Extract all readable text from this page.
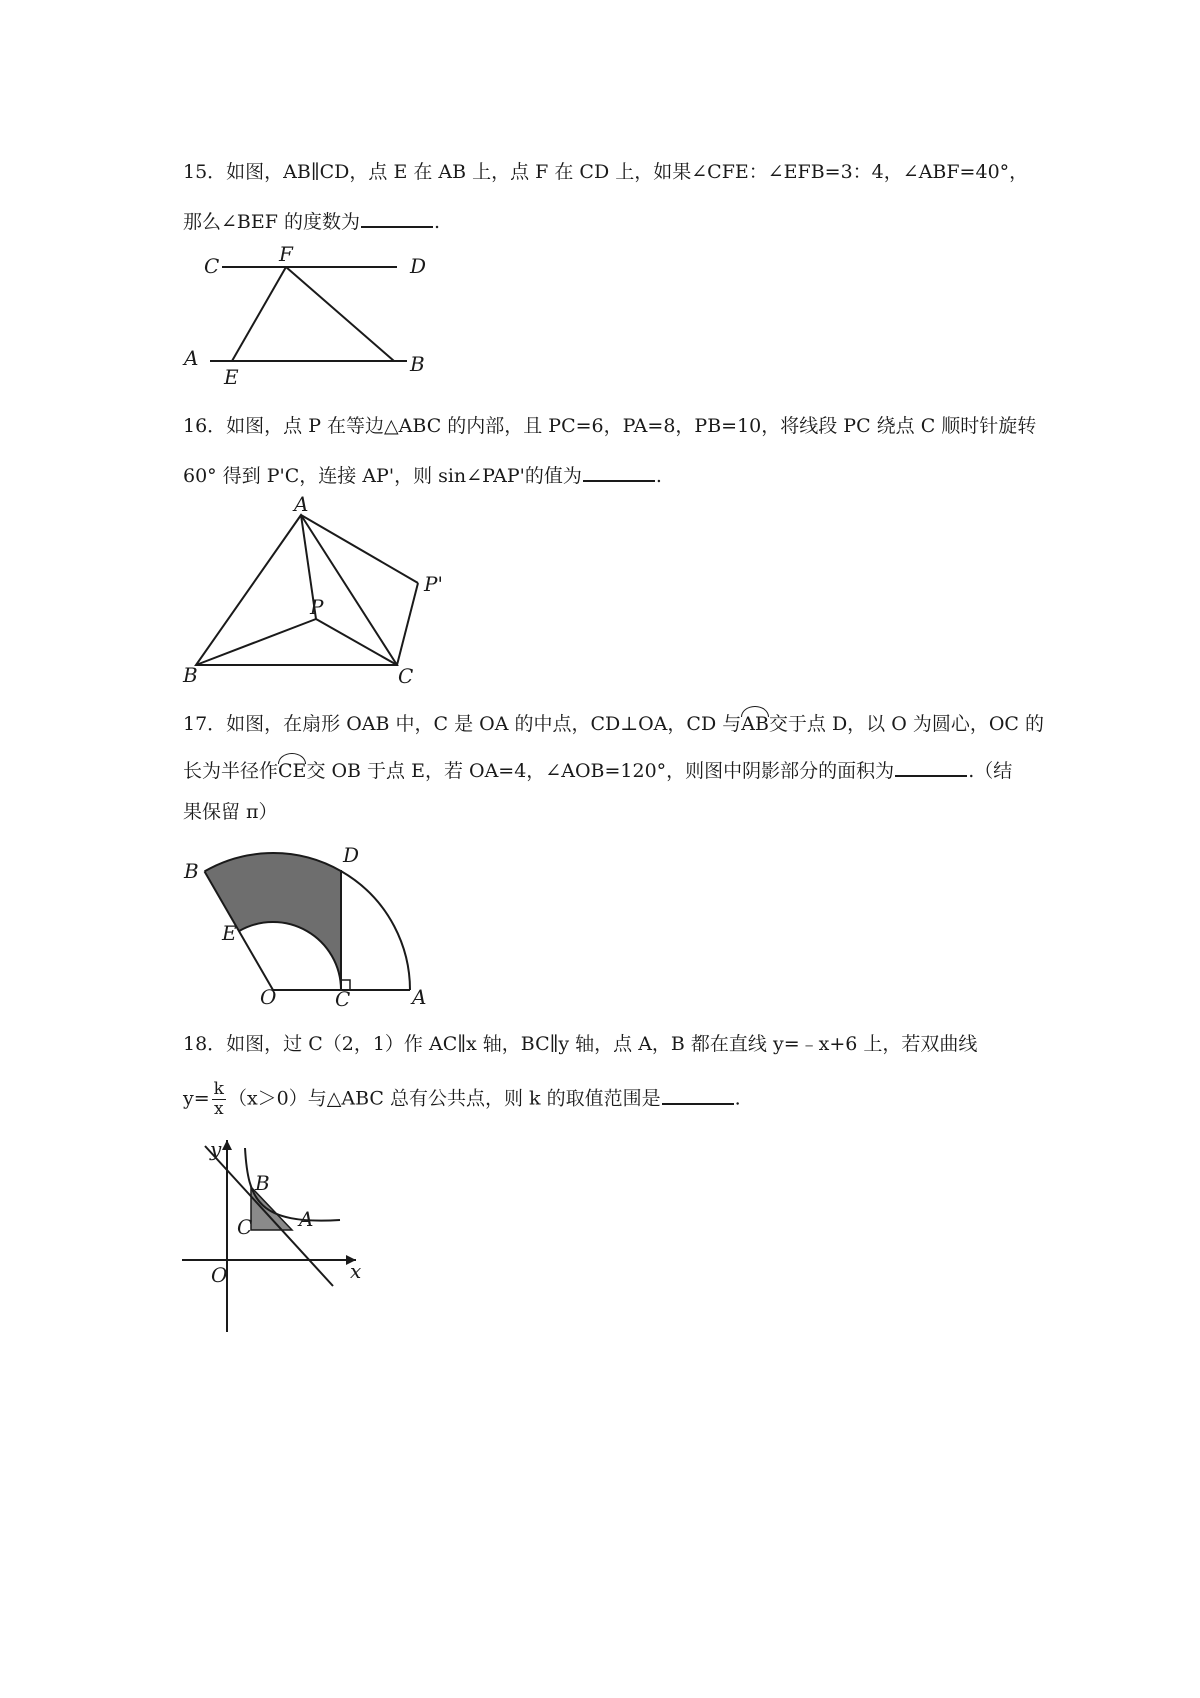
15．如图，AB∥CD，点 E 在 AB 上，点 F 在 CD 上，如果∠CFE：∠EFB=3：4，∠ABF=40°，
那么∠BEF 的度数为	.
C	F	D
A
E
B
16．如图，点 P 在等边△ABC 的内部，且 PC=6，PA=8，PB=10，将线段 PC 绕点 C 顺时针旋转
60° 得到 P'C，连接 AP'，则 sin∠PAP'的值为	.
A
P
P'
B	C
17．如图，在扇形 OAB 中，C 是 OA 的中点，CD⊥OA，CD 与AB交于点 D，以 O 为圆心，OC 的
长为半径作CE交 OB 于点 E，若 OA=4，∠AOB=120°，则图中阴影部分的面积为	.（结
果保留 π）
B
D
E
O	C	A
18．如图，过 C（2，1）作 AC∥x 轴，BC∥y 轴，点 A，B 都在直线 y=﹣x+6 上，若双曲线
$y= \frac{k}{x} (x>0)$与△ABC 总有公共点，则 k 的取值范围是	.
y
B
C A
O	x
